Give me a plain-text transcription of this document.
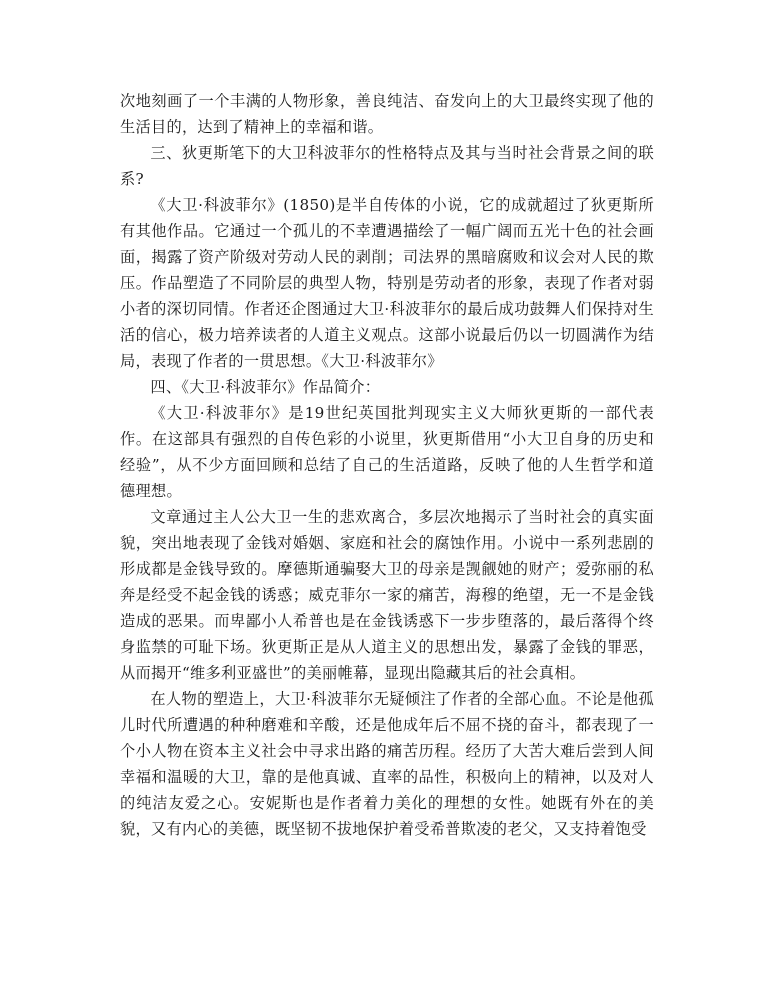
次地刻画了一个丰满的人物形象，善良纯洁、奋发向上的大卫最终实现了他的生活目的，达到了精神上的幸福和谐。

三、狄更斯笔下的大卫科波菲尔的性格特点及其与当时社会背景之间的联系?

《大卫·科波菲尔》(1850)是半自传体的小说，它的成就超过了狄更斯所有其他作品。它通过一个孤儿的不幸遭遇描绘了一幅广阔而五光十色的社会画面，揭露了资产阶级对劳动人民的剥削；司法界的黑暗腐败和议会对人民的欺压。作品塑造了不同阶层的典型人物，特别是劳动者的形象，表现了作者对弱小者的深切同情。作者还企图通过大卫·科波菲尔的最后成功鼓舞人们保持对生活的信心，极力培养读者的人道主义观点。这部小说最后仍以一切圆满作为结局，表现了作者的一贯思想。《大卫·科波菲尔》

四、《大卫·科波菲尔》作品简介：

《大卫·科波菲尔》是19世纪英国批判现实主义大师狄更斯的一部代表作。在这部具有强烈的自传色彩的小说里，狄更斯借用“小大卫自身的历史和经验”，从不少方面回顾和总结了自己的生活道路，反映了他的人生哲学和道德理想。

文章通过主人公大卫一生的悲欢离合，多层次地揭示了当时社会的真实面貌，突出地表现了金钱对婚姻、家庭和社会的腐蚀作用。小说中一系列悲剧的形成都是金钱导致的。摩德斯通骗娶大卫的母亲是觊觎她的财产；爱弥丽的私奔是经受不起金钱的诱惑；威克菲尔一家的痛苦，海穆的绝望，无一不是金钱造成的恶果。而卑鄙小人希普也是在金钱诱惑下一步步堕落的，最后落得个终身监禁的可耻下场。狄更斯正是从人道主义的思想出发，暴露了金钱的罪恶，从而揭开“维多利亚盛世”的美丽帷幕，显现出隐藏其后的社会真相。

在人物的塑造上，大卫·科波菲尔无疑倾注了作者的全部心血。不论是他孤儿时代所遭遇的种种磨难和辛酸，还是他成年后不屈不挠的奋斗，都表现了一个小人物在资本主义社会中寻求出路的痛苦历程。经历了大苦大难后尝到人间幸福和温暖的大卫，靠的是他真诚、直率的品性，积极向上的精神，以及对人的纯洁友爱之心。安妮斯也是作者着力美化的理想的女性。她既有外在的美貌，又有内心的美德，既坚韧不拔地保护着受希普欺凌的老父，又支持着饱受
